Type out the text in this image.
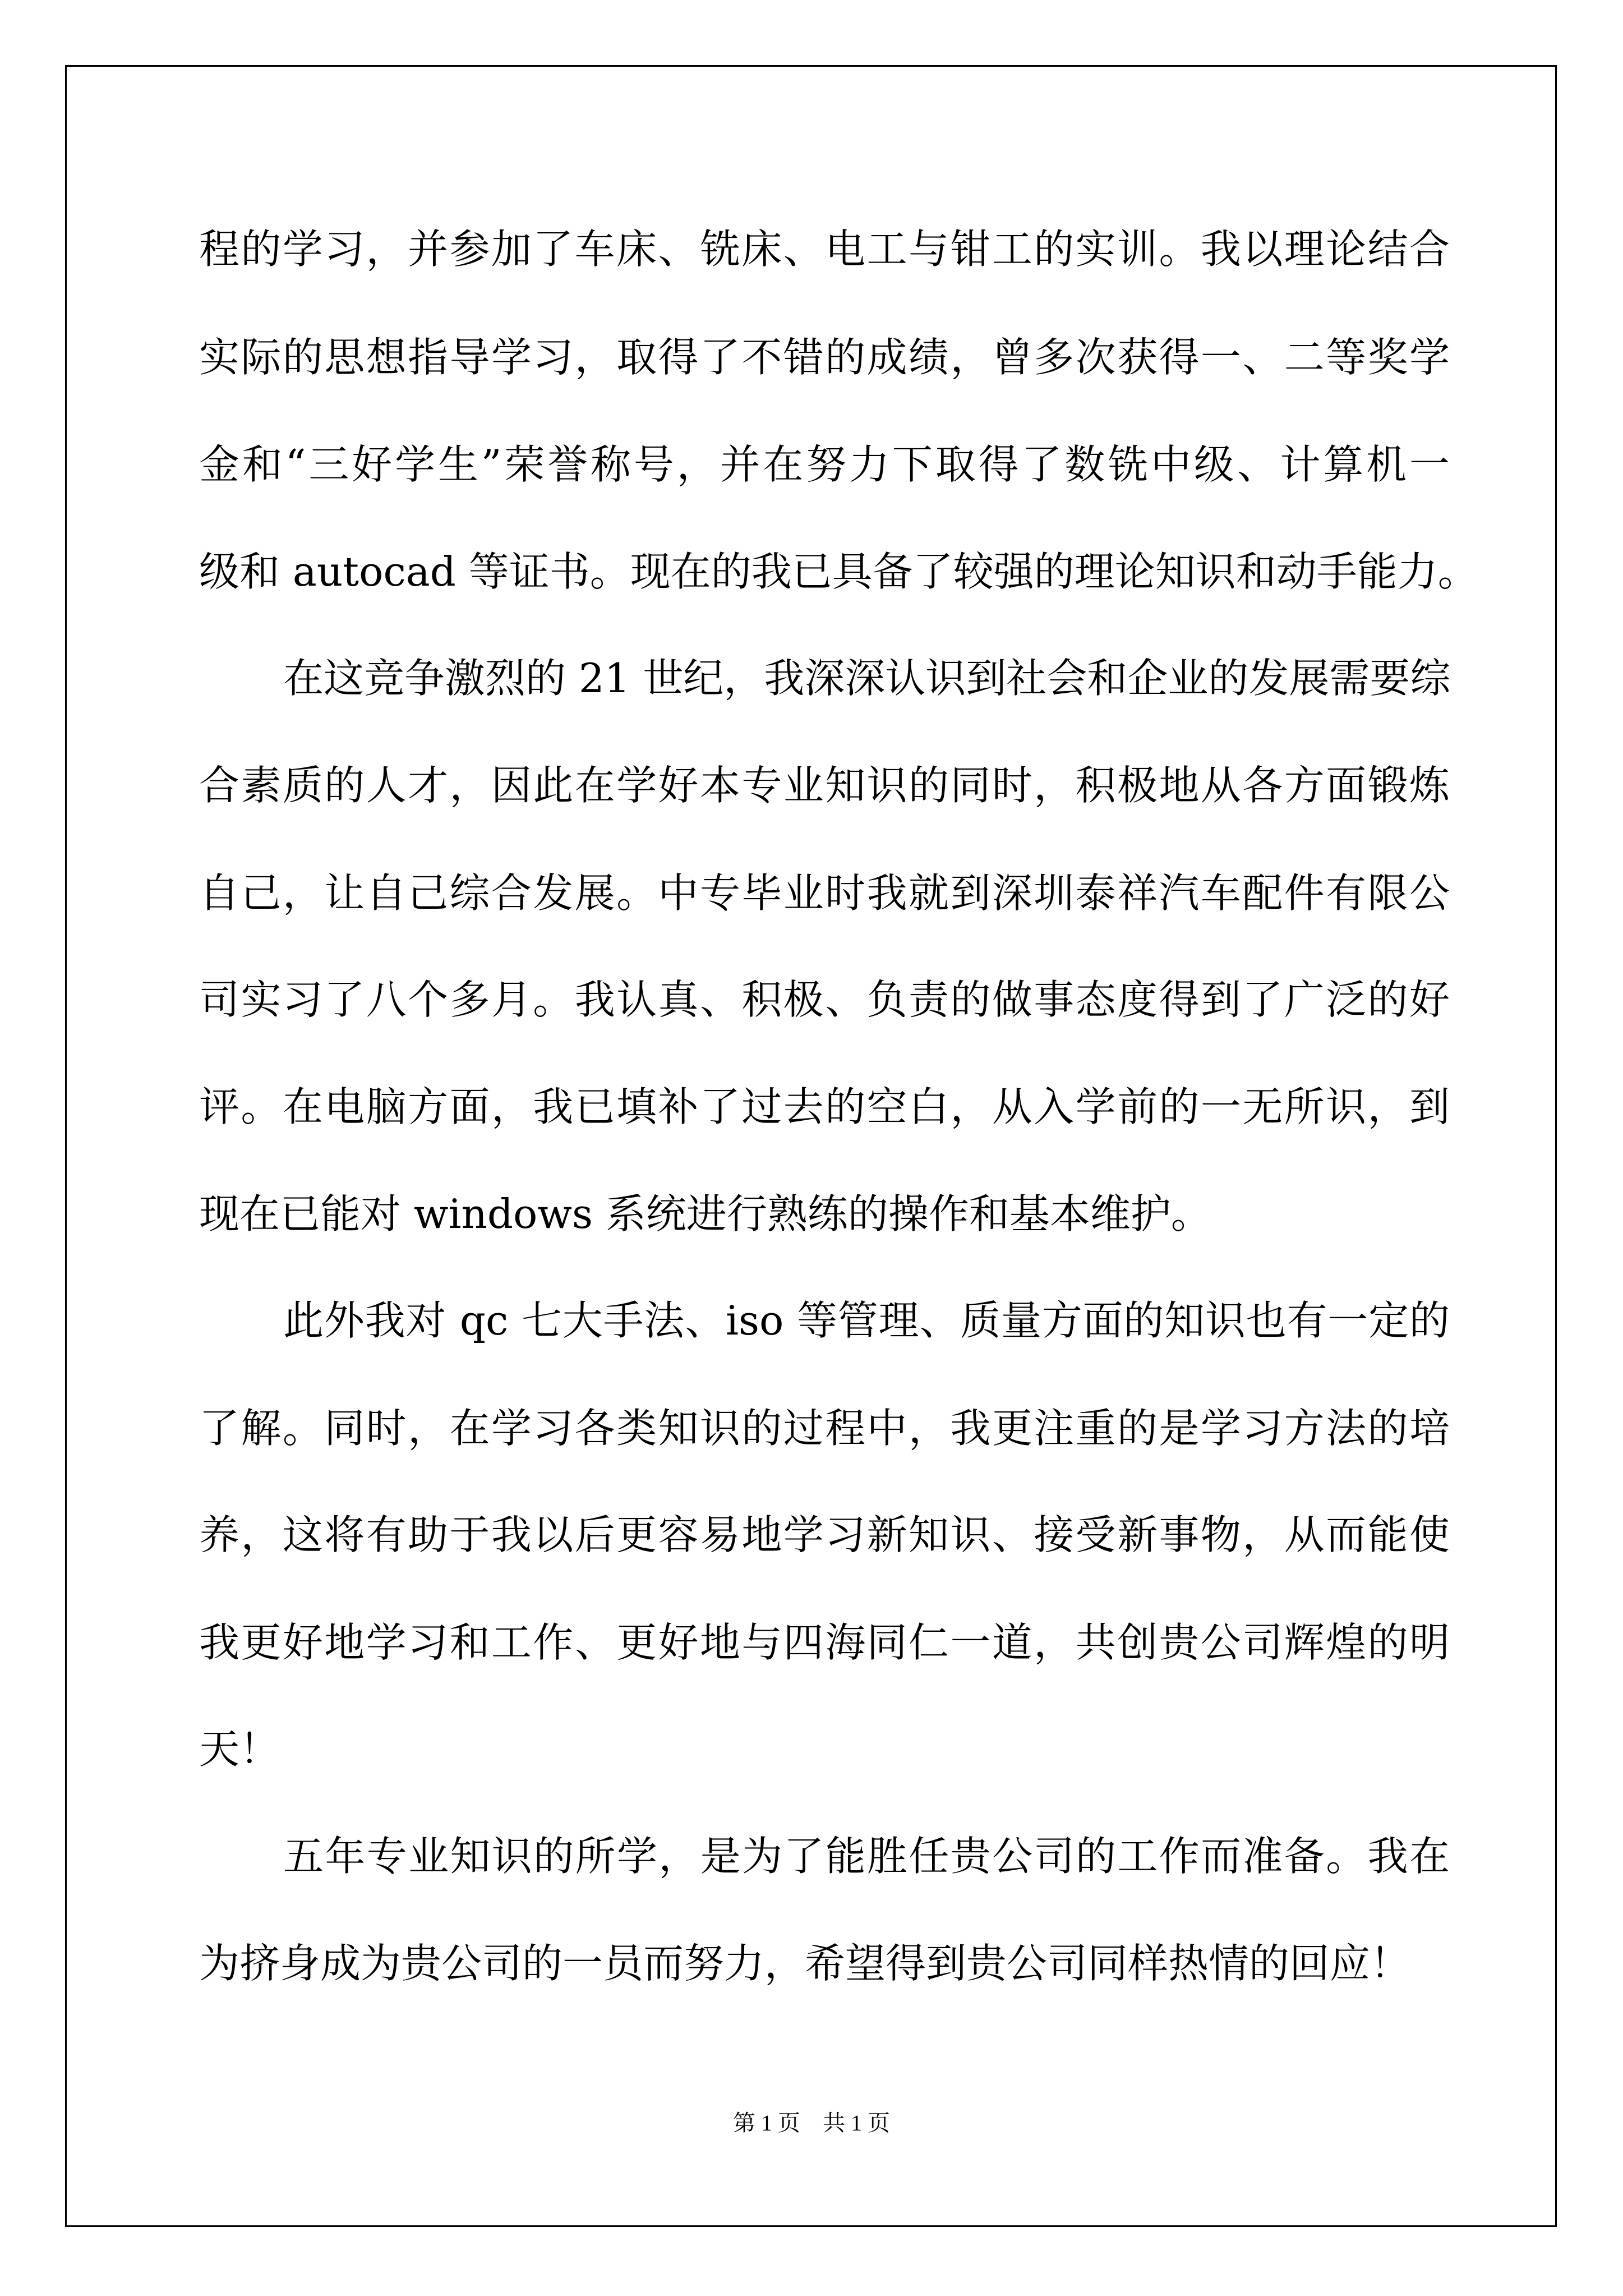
程的学习，并参加了车床、铣床、电工与钳工的实训。我以理论结合
实际的思想指导学习，取得了不错的成绩，曾多次获得一、二等奖学
金和“三好学生”荣誉称号，并在努力下取得了数铣中级、计算机一
级和 autocad 等证书。现在的我已具备了较强的理论知识和动手能力。
在这竞争激烈的 21 世纪，我深深认识到社会和企业的发展需要综
合素质的人才，因此在学好本专业知识的同时，积极地从各方面锻炼
自己，让自己综合发展。中专毕业时我就到深圳泰祥汽车配件有限公
司实习了八个多月。我认真、积极、负责的做事态度得到了广泛的好
评。在电脑方面，我已填补了过去的空白，从入学前的一无所识，到
现在已能对 windows 系统进行熟练的操作和基本维护。
此外我对 qc 七大手法、iso 等管理、质量方面的知识也有一定的
了解。同时，在学习各类知识的过程中，我更注重的是学习方法的培
养，这将有助于我以后更容易地学习新知识、接受新事物，从而能使
我更好地学习和工作、更好地与四海同仁一道，共创贵公司辉煌的明
天！
五年专业知识的所学，是为了能胜任贵公司的工作而准备。我在
为挤身成为贵公司的一员而努力，希望得到贵公司同样热情的回应！
第 1 页　共 1 页
